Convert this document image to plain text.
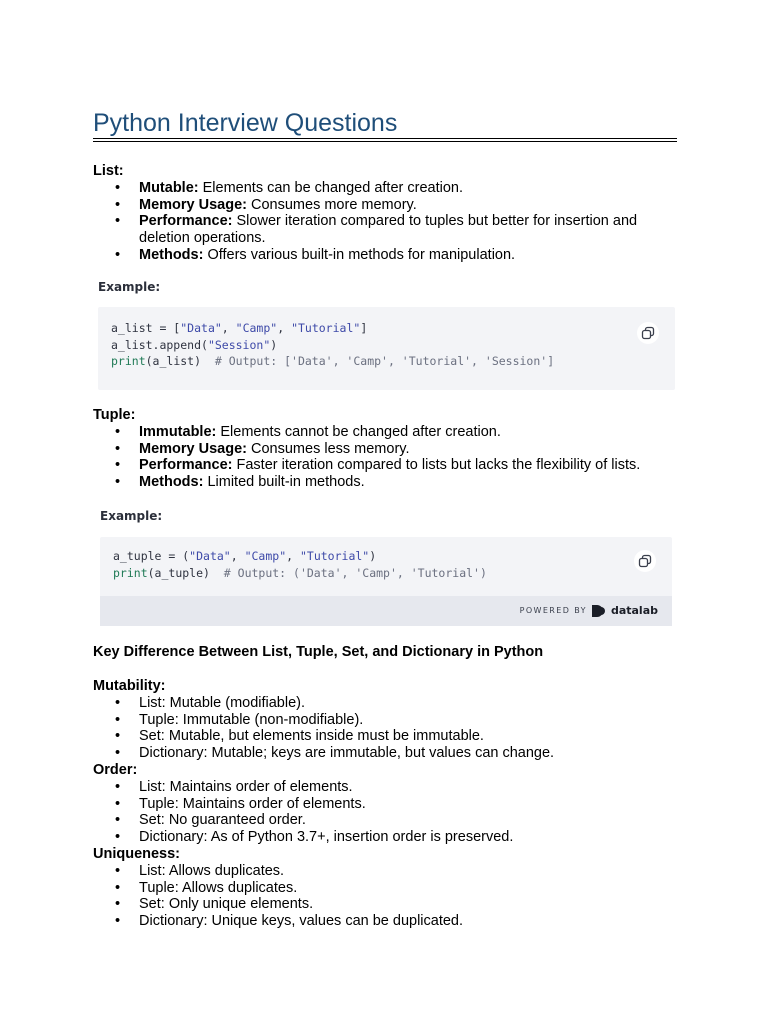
Python Interview Questions
List:
• Mutable: Elements can be changed after creation.
• Memory Usage: Consumes more memory.
• Performance: Slower iteration compared to tuples but better for insertion and deletion operations.
• Methods: Offers various built-in methods for manipulation.
Example:
a_list = ["Data", "Camp", "Tutorial"]
a_list.append("Session")
print(a_list)  # Output: ['Data', 'Camp', 'Tutorial', 'Session']
Tuple:
• Immutable: Elements cannot be changed after creation.
• Memory Usage: Consumes less memory.
• Performance: Faster iteration compared to lists but lacks the flexibility of lists.
• Methods: Limited built-in methods.
Example:
a_tuple = ("Data", "Camp", "Tutorial")
print(a_tuple)  # Output: ('Data', 'Camp', 'Tutorial')
POWERED BY datalab
Key Difference Between List, Tuple, Set, and Dictionary in Python
Mutability:
• List: Mutable (modifiable).
• Tuple: Immutable (non-modifiable).
• Set: Mutable, but elements inside must be immutable.
• Dictionary: Mutable; keys are immutable, but values can change.
Order:
• List: Maintains order of elements.
• Tuple: Maintains order of elements.
• Set: No guaranteed order.
• Dictionary: As of Python 3.7+, insertion order is preserved.
Uniqueness:
• List: Allows duplicates.
• Tuple: Allows duplicates.
• Set: Only unique elements.
• Dictionary: Unique keys, values can be duplicated.
